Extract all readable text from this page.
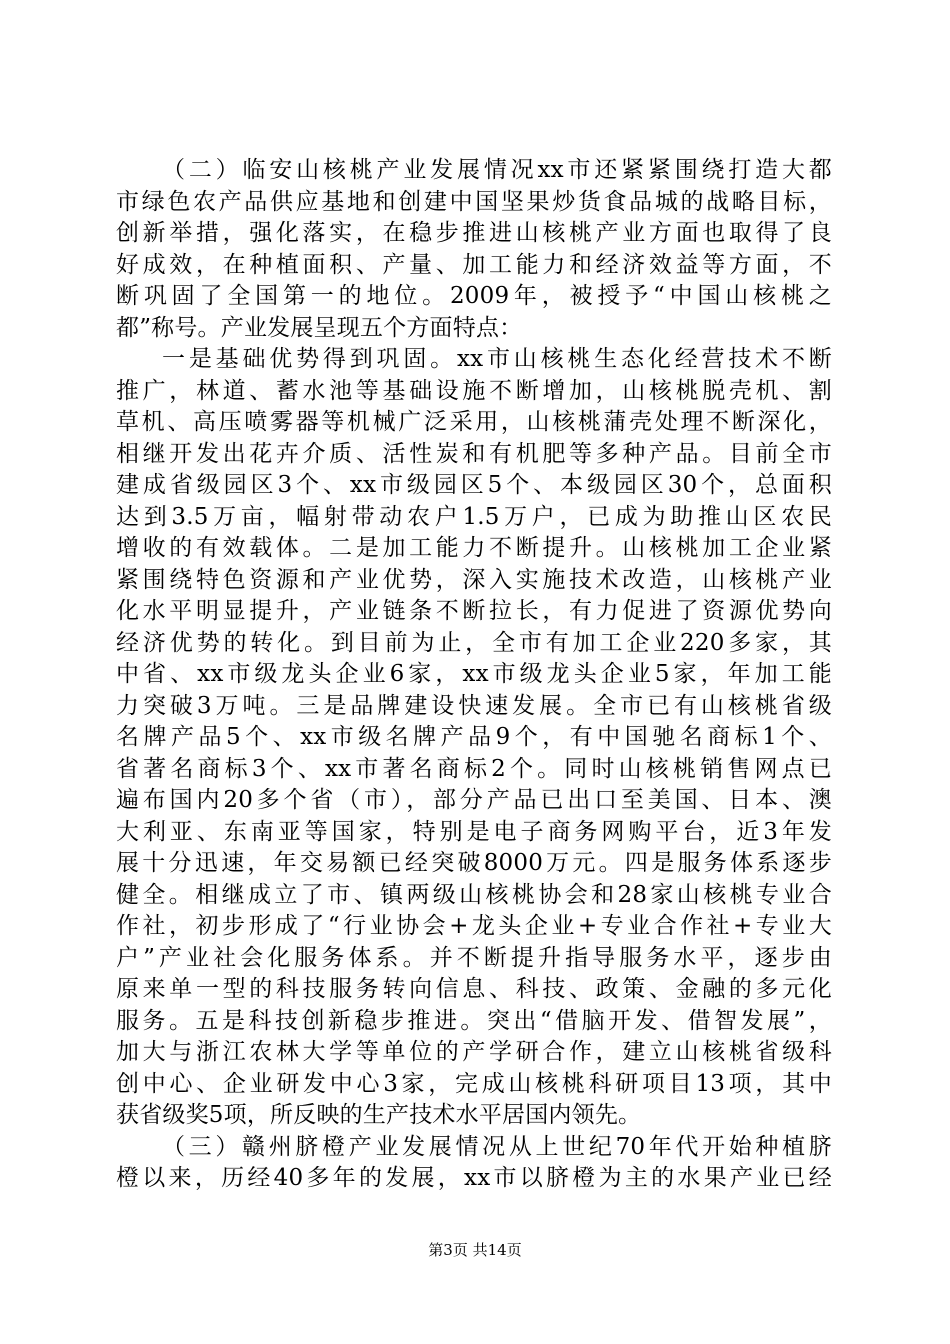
（二）临安山核桃产业发展情况xx市还紧紧围绕打造大都
市绿色农产品供应基地和创建中国坚果炒货食品城的战略目标，
创新举措，强化落实，在稳步推进山核桃产业方面也取得了良
好成效，在种植面积、产量、加工能力和经济效益等方面，不
断巩固了全国第一的地位。2009年，被授予“中国山核桃之
都”称号。产业发展呈现五个方面特点：
一是基础优势得到巩固。xx市山核桃生态化经营技术不断
推广，林道、蓄水池等基础设施不断增加，山核桃脱壳机、割
草机、高压喷雾器等机械广泛采用，山核桃蒲壳处理不断深化，
相继开发出花卉介质、活性炭和有机肥等多种产品。目前全市
建成省级园区3个、xx市级园区5个、本级园区30个，总面积
达到3.5万亩，幅射带动农户1.5万户，已成为助推山区农民
增收的有效载体。二是加工能力不断提升。山核桃加工企业紧
紧围绕特色资源和产业优势，深入实施技术改造，山核桃产业
化水平明显提升，产业链条不断拉长，有力促进了资源优势向
经济优势的转化。到目前为止，全市有加工企业220多家，其
中省、xx市级龙头企业6家，xx市级龙头企业5家，年加工能
力突破3万吨。三是品牌建设快速发展。全市已有山核桃省级
名牌产品5个、xx市级名牌产品9个，有中国驰名商标1个、
省著名商标3个、xx市著名商标2个。同时山核桃销售网点已
遍布国内20多个省（市），部分产品已出口至美国、日本、澳
大利亚、东南亚等国家，特别是电子商务网购平台，近3年发
展十分迅速，年交易额已经突破8000万元。四是服务体系逐步
健全。相继成立了市、镇两级山核桃协会和28家山核桃专业合
作社，初步形成了“行业协会+龙头企业+专业合作社+专业大
户”产业社会化服务体系。并不断提升指导服务水平，逐步由
原来单一型的科技服务转向信息、科技、政策、金融的多元化
服务。五是科技创新稳步推进。突出“借脑开发、借智发展”，
加大与浙江农林大学等单位的产学研合作，建立山核桃省级科
创中心、企业研发中心3家，完成山核桃科研项目13项，其中
获省级奖5项，所反映的生产技术水平居国内领先。
（三）赣州脐橙产业发展情况从上世纪70年代开始种植脐
橙以来，历经40多年的发展，xx市以脐橙为主的水果产业已经
第3页 共14页
